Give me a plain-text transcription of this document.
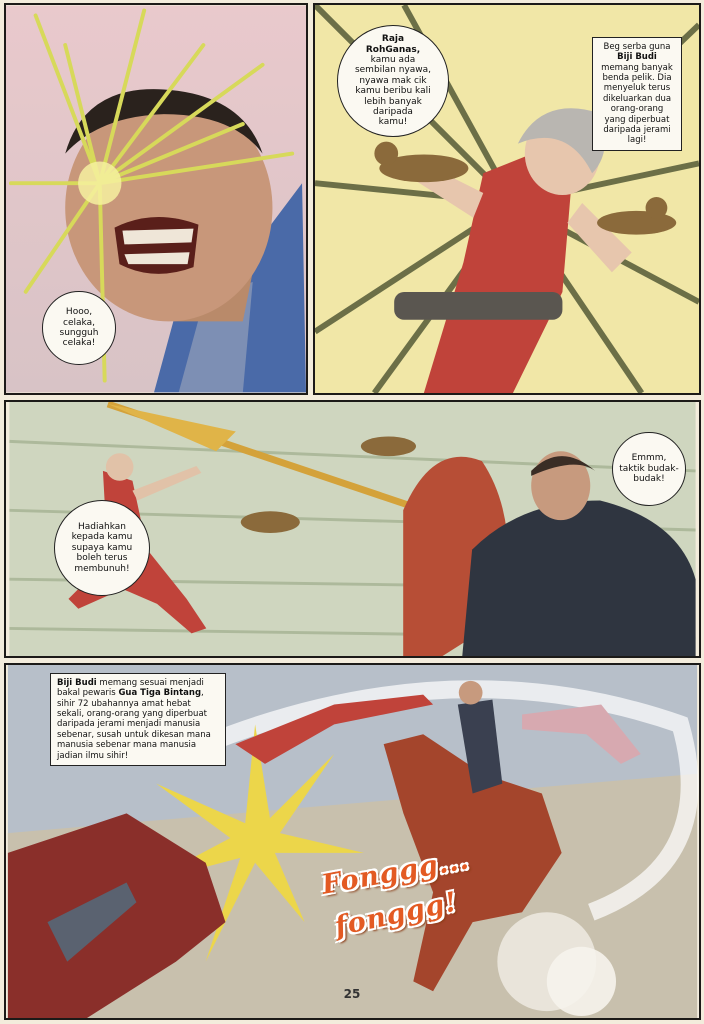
Hooo,
celaka,
sungguh
celaka!
Raja
RohGanas,
kamu ada
sembilan nyawa,
nyawa mak cik
kamu beribu kali
lebih banyak
daripada
kamu!
Beg serba guna Biji Budi memang banyak benda pelik. Dia menyeluk terus dikeluarkan dua orang-orang yang diperbuat daripada jerami lagi!
Hadiahkan
kepada kamu
supaya kamu
boleh terus
membunuh!
Emmm,
taktik budak-
budak!
Biji Budi memang sesuai menjadi bakal pewaris Gua Tiga Bintang, sihir 72 ubahannya amat hebat sekali, orang-orang yang diperbuat daripada jerami menjadi manusia sebenar, susah untuk dikesan mana manusia sebenar mana manusia jadian ilmu sihir!
Fonggg...
fonggg!
25
